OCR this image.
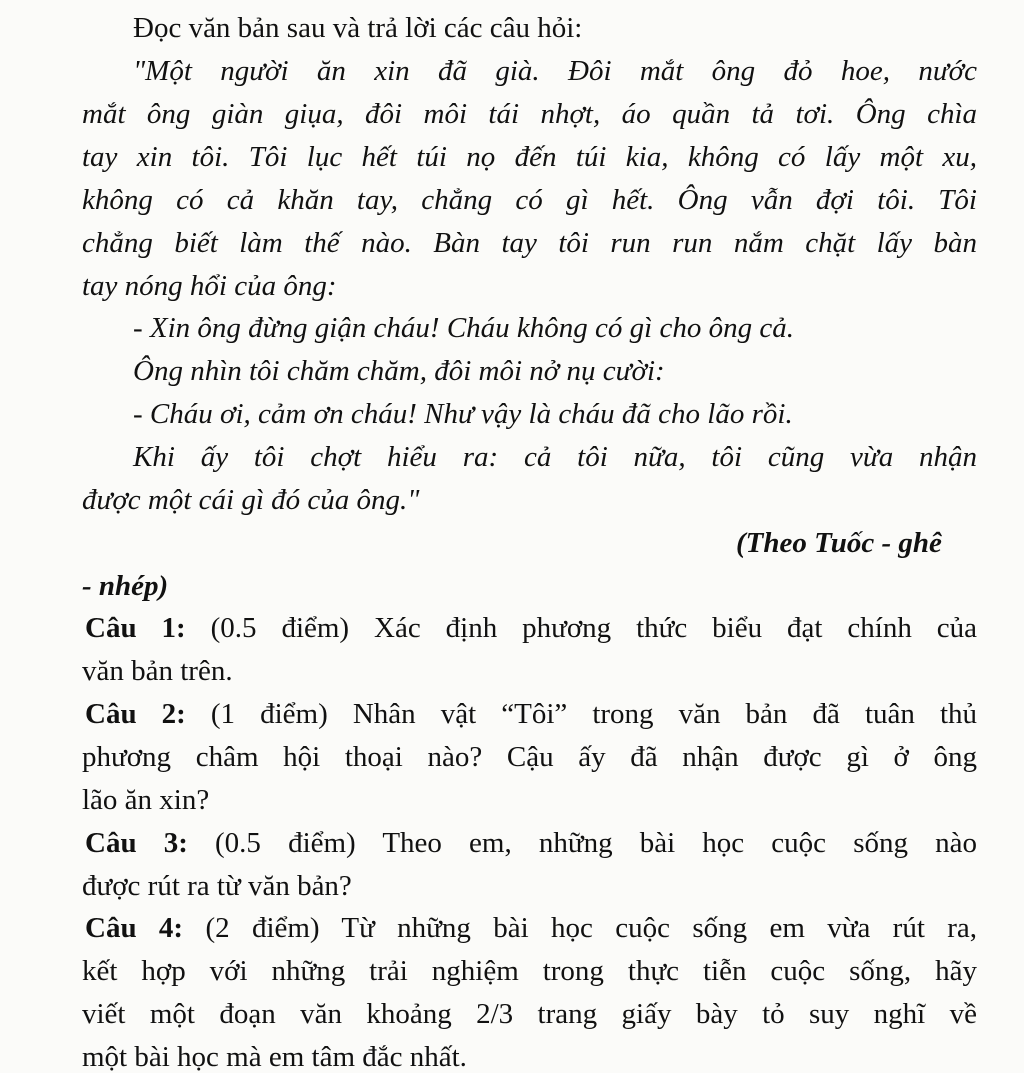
Đọc văn bản sau và trả lời các câu hỏi:
"Một người ăn xin đã già. Đôi mắt ông đỏ hoe, nước
mắt ông giàn giụa, đôi môi tái nhợt, áo quần tả tơi. Ông chìa
tay xin tôi. Tôi lục hết túi nọ đến túi kia, không có lấy một xu,
không có cả khăn tay, chẳng có gì hết. Ông vẫn đợi tôi. Tôi
chẳng biết làm thế nào. Bàn tay tôi run run nắm chặt lấy bàn
tay nóng hổi của ông:
- Xin ông đừng giận cháu! Cháu không có gì cho ông cả.
Ông nhìn tôi chăm chăm, đôi môi nở nụ cười:
- Cháu ơi, cảm ơn cháu! Như vậy là cháu đã cho lão rồi.
Khi ấy tôi chợt hiểu ra: cả tôi nữa, tôi cũng vừa nhận
được một cái gì đó của ông."
(Theo Tuốc - ghê
- nhép)
Câu 1: (0.5 điểm) Xác định phương thức biểu đạt chính của
văn bản trên.
Câu 2: (1 điểm) Nhân vật “Tôi” trong văn bản đã tuân thủ
phương châm hội thoại nào? Cậu ấy đã nhận được gì ở ông
lão ăn xin?
Câu 3: (0.5 điểm) Theo em, những bài học cuộc sống nào
được rút ra từ văn bản?
Câu 4: (2 điểm) Từ những bài học cuộc sống em vừa rút ra,
kết hợp với những trải nghiệm trong thực tiễn cuộc sống, hãy
viết một đoạn văn khoảng 2/3 trang giấy bày tỏ suy nghĩ về
một bài học mà em tâm đắc nhất.
